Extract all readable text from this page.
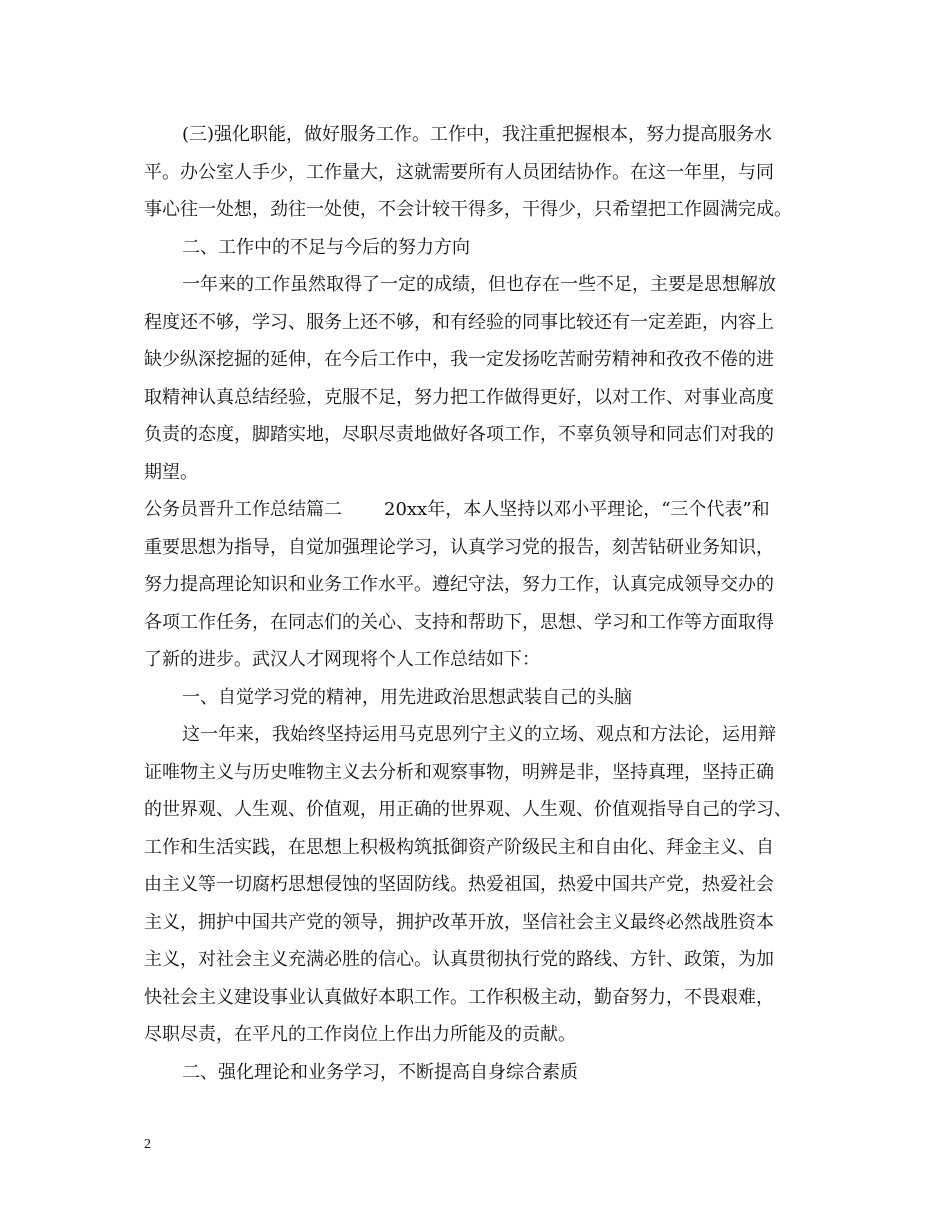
(三)强化职能，做好服务工作。工作中，我注重把握根本，努力提高服务水
平。办公室人手少，工作量大，这就需要所有人员团结协作。在这一年里，与同
事心往一处想，劲往一处使，不会计较干得多，干得少，只希望把工作圆满完成。
二、工作中的不足与今后的努力方向
一年来的工作虽然取得了一定的成绩，但也存在一些不足，主要是思想解放
程度还不够，学习、服务上还不够，和有经验的同事比较还有一定差距，内容上
缺少纵深挖掘的延伸，在今后工作中，我一定发扬吃苦耐劳精神和孜孜不倦的进
取精神认真总结经验，克服不足，努力把工作做得更好，以对工作、对事业高度
负责的态度，脚踏实地，尽职尽责地做好各项工作，不辜负领导和同志们对我的
期望。
公务员晋升工作总结篇二 20xx年，本人坚持以邓小平理论，“三个代表”和
重要思想为指导，自觉加强理论学习，认真学习党的报告，刻苦钻研业务知识，
努力提高理论知识和业务工作水平。遵纪守法，努力工作，认真完成领导交办的
各项工作任务，在同志们的关心、支持和帮助下，思想、学习和工作等方面取得
了新的进步。武汉人才网现将个人工作总结如下：
一、自觉学习党的精神，用先进政治思想武装自己的头脑
这一年来，我始终坚持运用马克思列宁主义的立场、观点和方法论，运用辩
证唯物主义与历史唯物主义去分析和观察事物，明辨是非，坚持真理，坚持正确
的世界观、人生观、价值观，用正确的世界观、人生观、价值观指导自己的学习、
工作和生活实践，在思想上积极构筑抵御资产阶级民主和自由化、拜金主义、自
由主义等一切腐朽思想侵蚀的坚固防线。热爱祖国，热爱中国共产党，热爱社会
主义，拥护中国共产党的领导，拥护改革开放，坚信社会主义最终必然战胜资本
主义，对社会主义充满必胜的信心。认真贯彻执行党的路线、方针、政策，为加
快社会主义建设事业认真做好本职工作。工作积极主动，勤奋努力，不畏艰难，
尽职尽责，在平凡的工作岗位上作出力所能及的贡献。
二、强化理论和业务学习，不断提高自身综合素质
2
